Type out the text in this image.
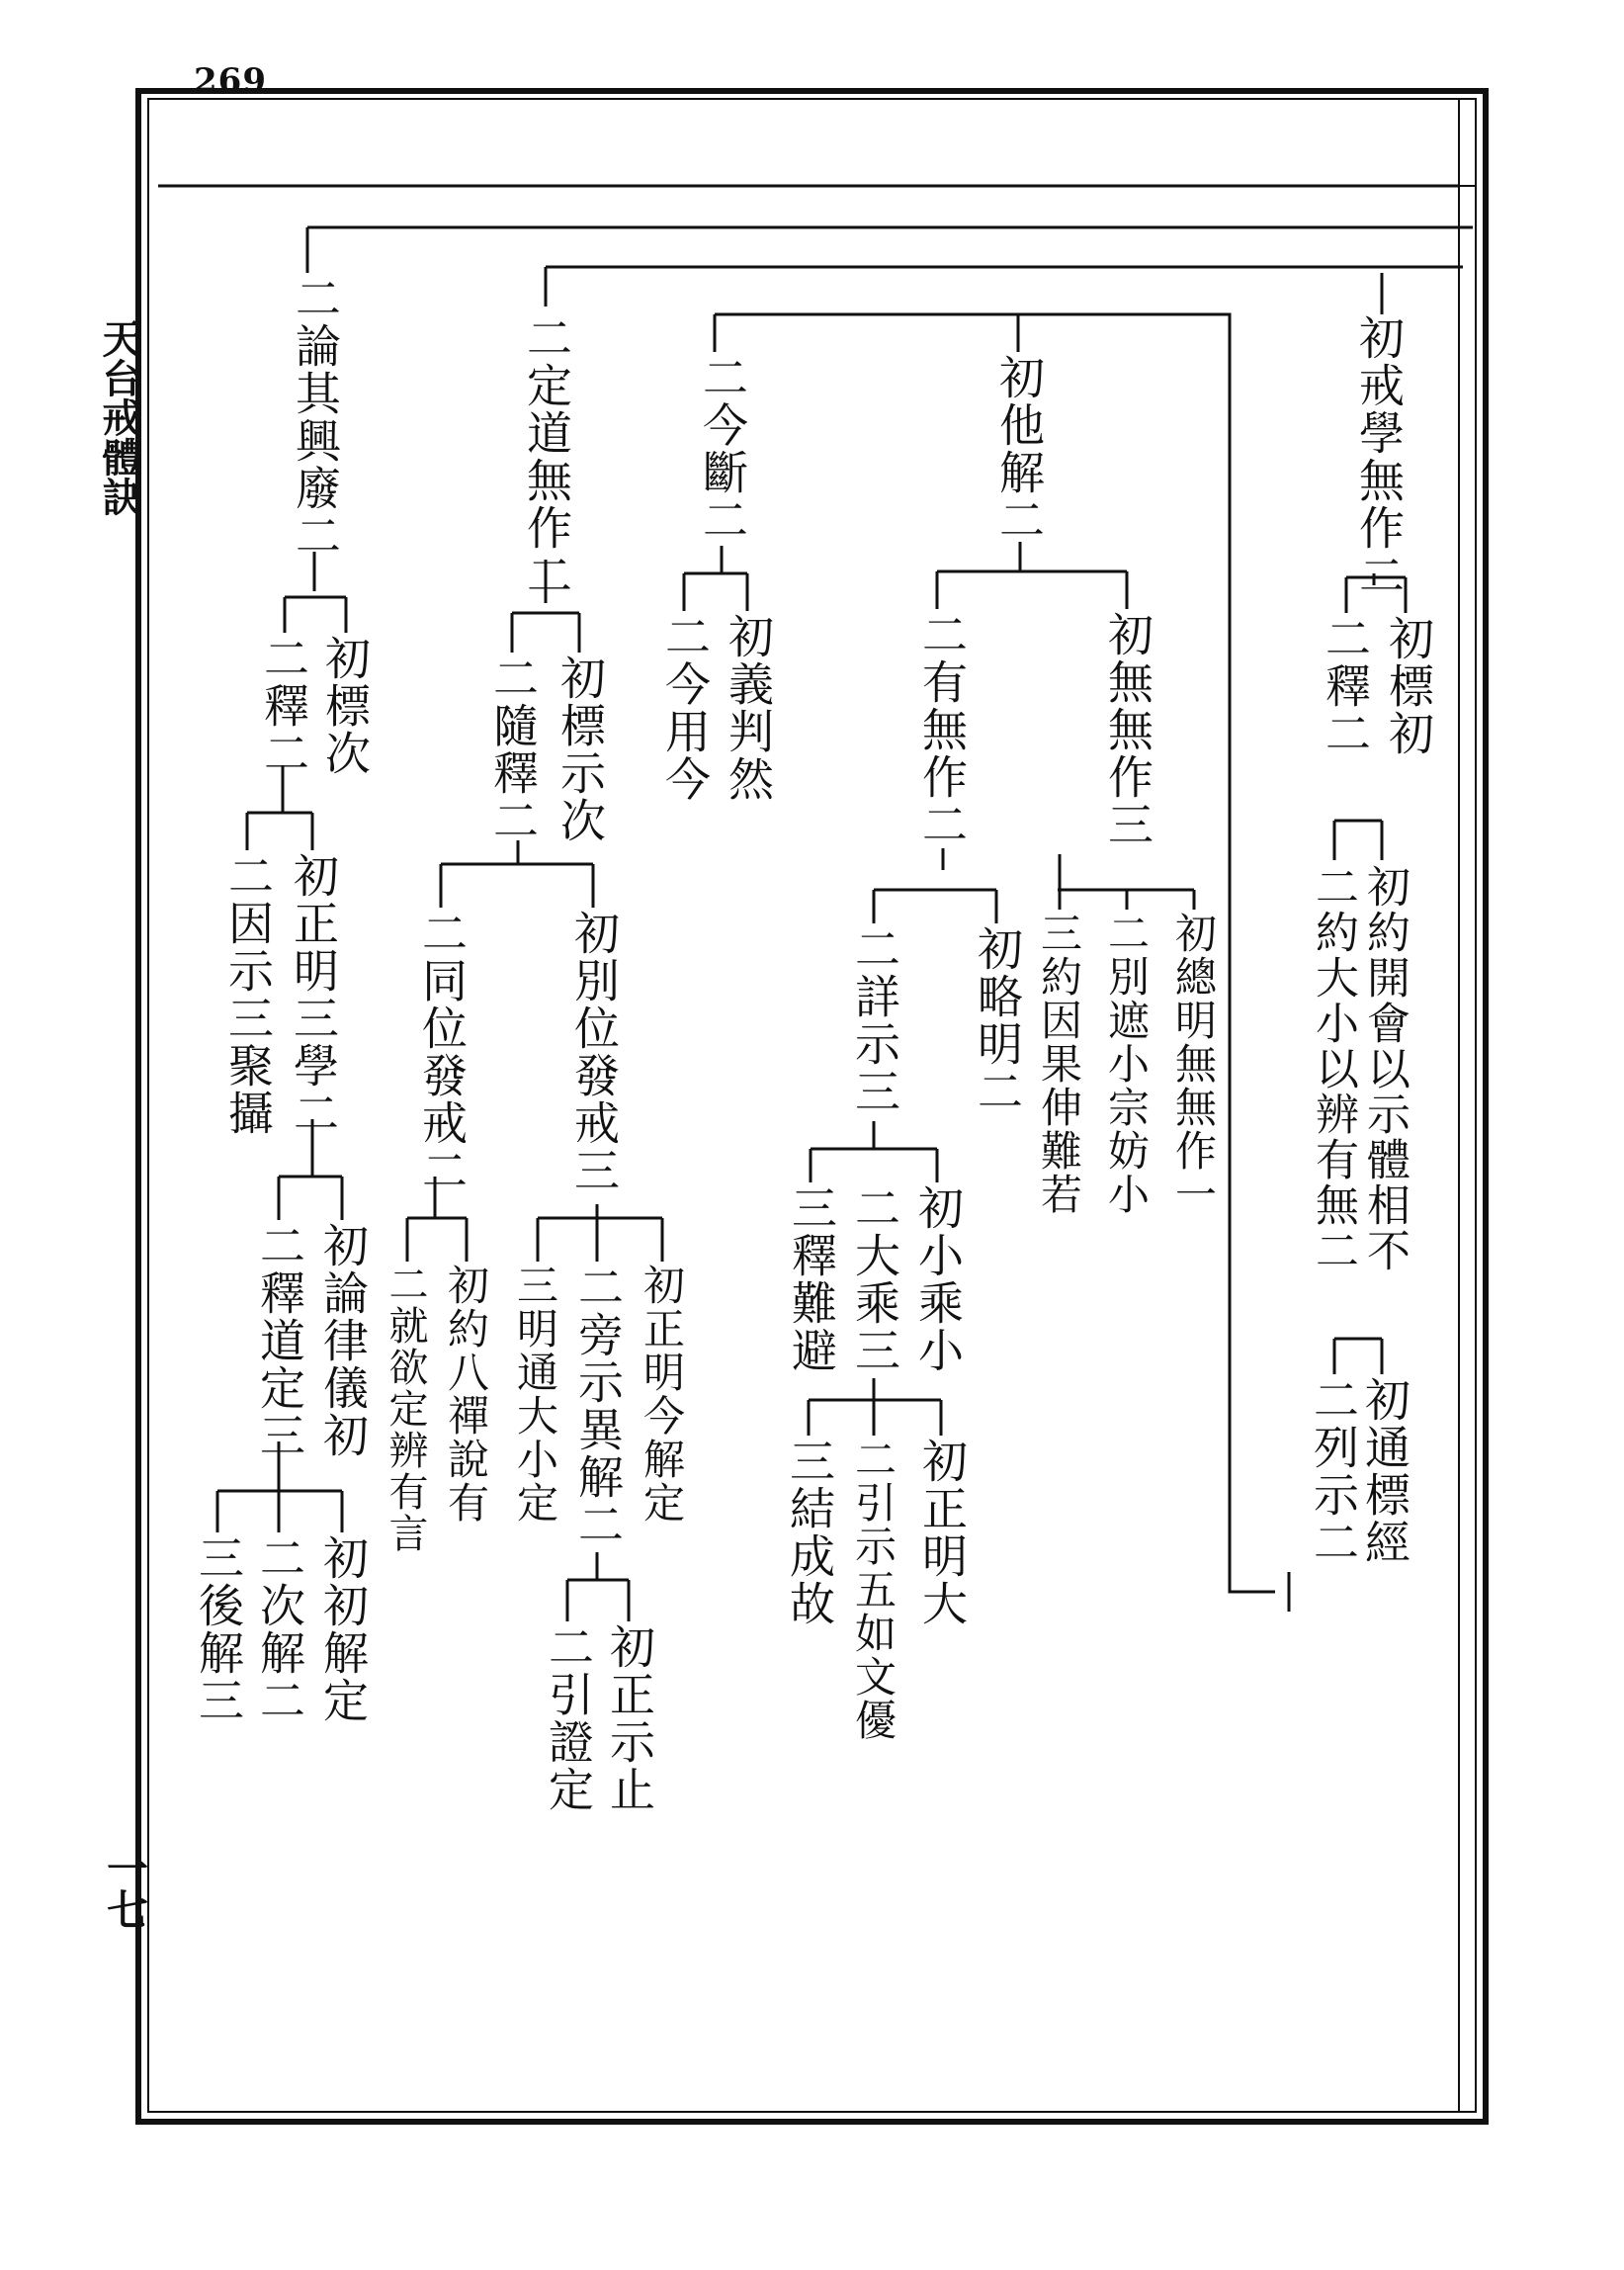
269
天台戒體訣
一七
初戒學無作二
初標初
二釋二
初約開會以示體相不
二約大小以辨有無二
初通標經
二列示二
初他解二
初無無作三
初總明無無作一
二別遮小宗妨小
三約因果伸難若
二有無作二
初略明二
二詳示三
初小乘小
二大乘三
初正明大
二引示五如文優
三結成故
三釋難避
二今斷二
初義判然
二今用今
二定道無作二
初標示次
二隨釋二
初別位發戒三
二同位發戒二
初正明今解定
二旁示異解二
初正示止
二引證定
三明通大小定
初約八禪說有
二就欲定辨有言
二論其興廢二
初標次
二釋二
初正明三學二
二因示三聚攝
初論律儀初
二釋道定三
初初解定
二次解二
三後解三
